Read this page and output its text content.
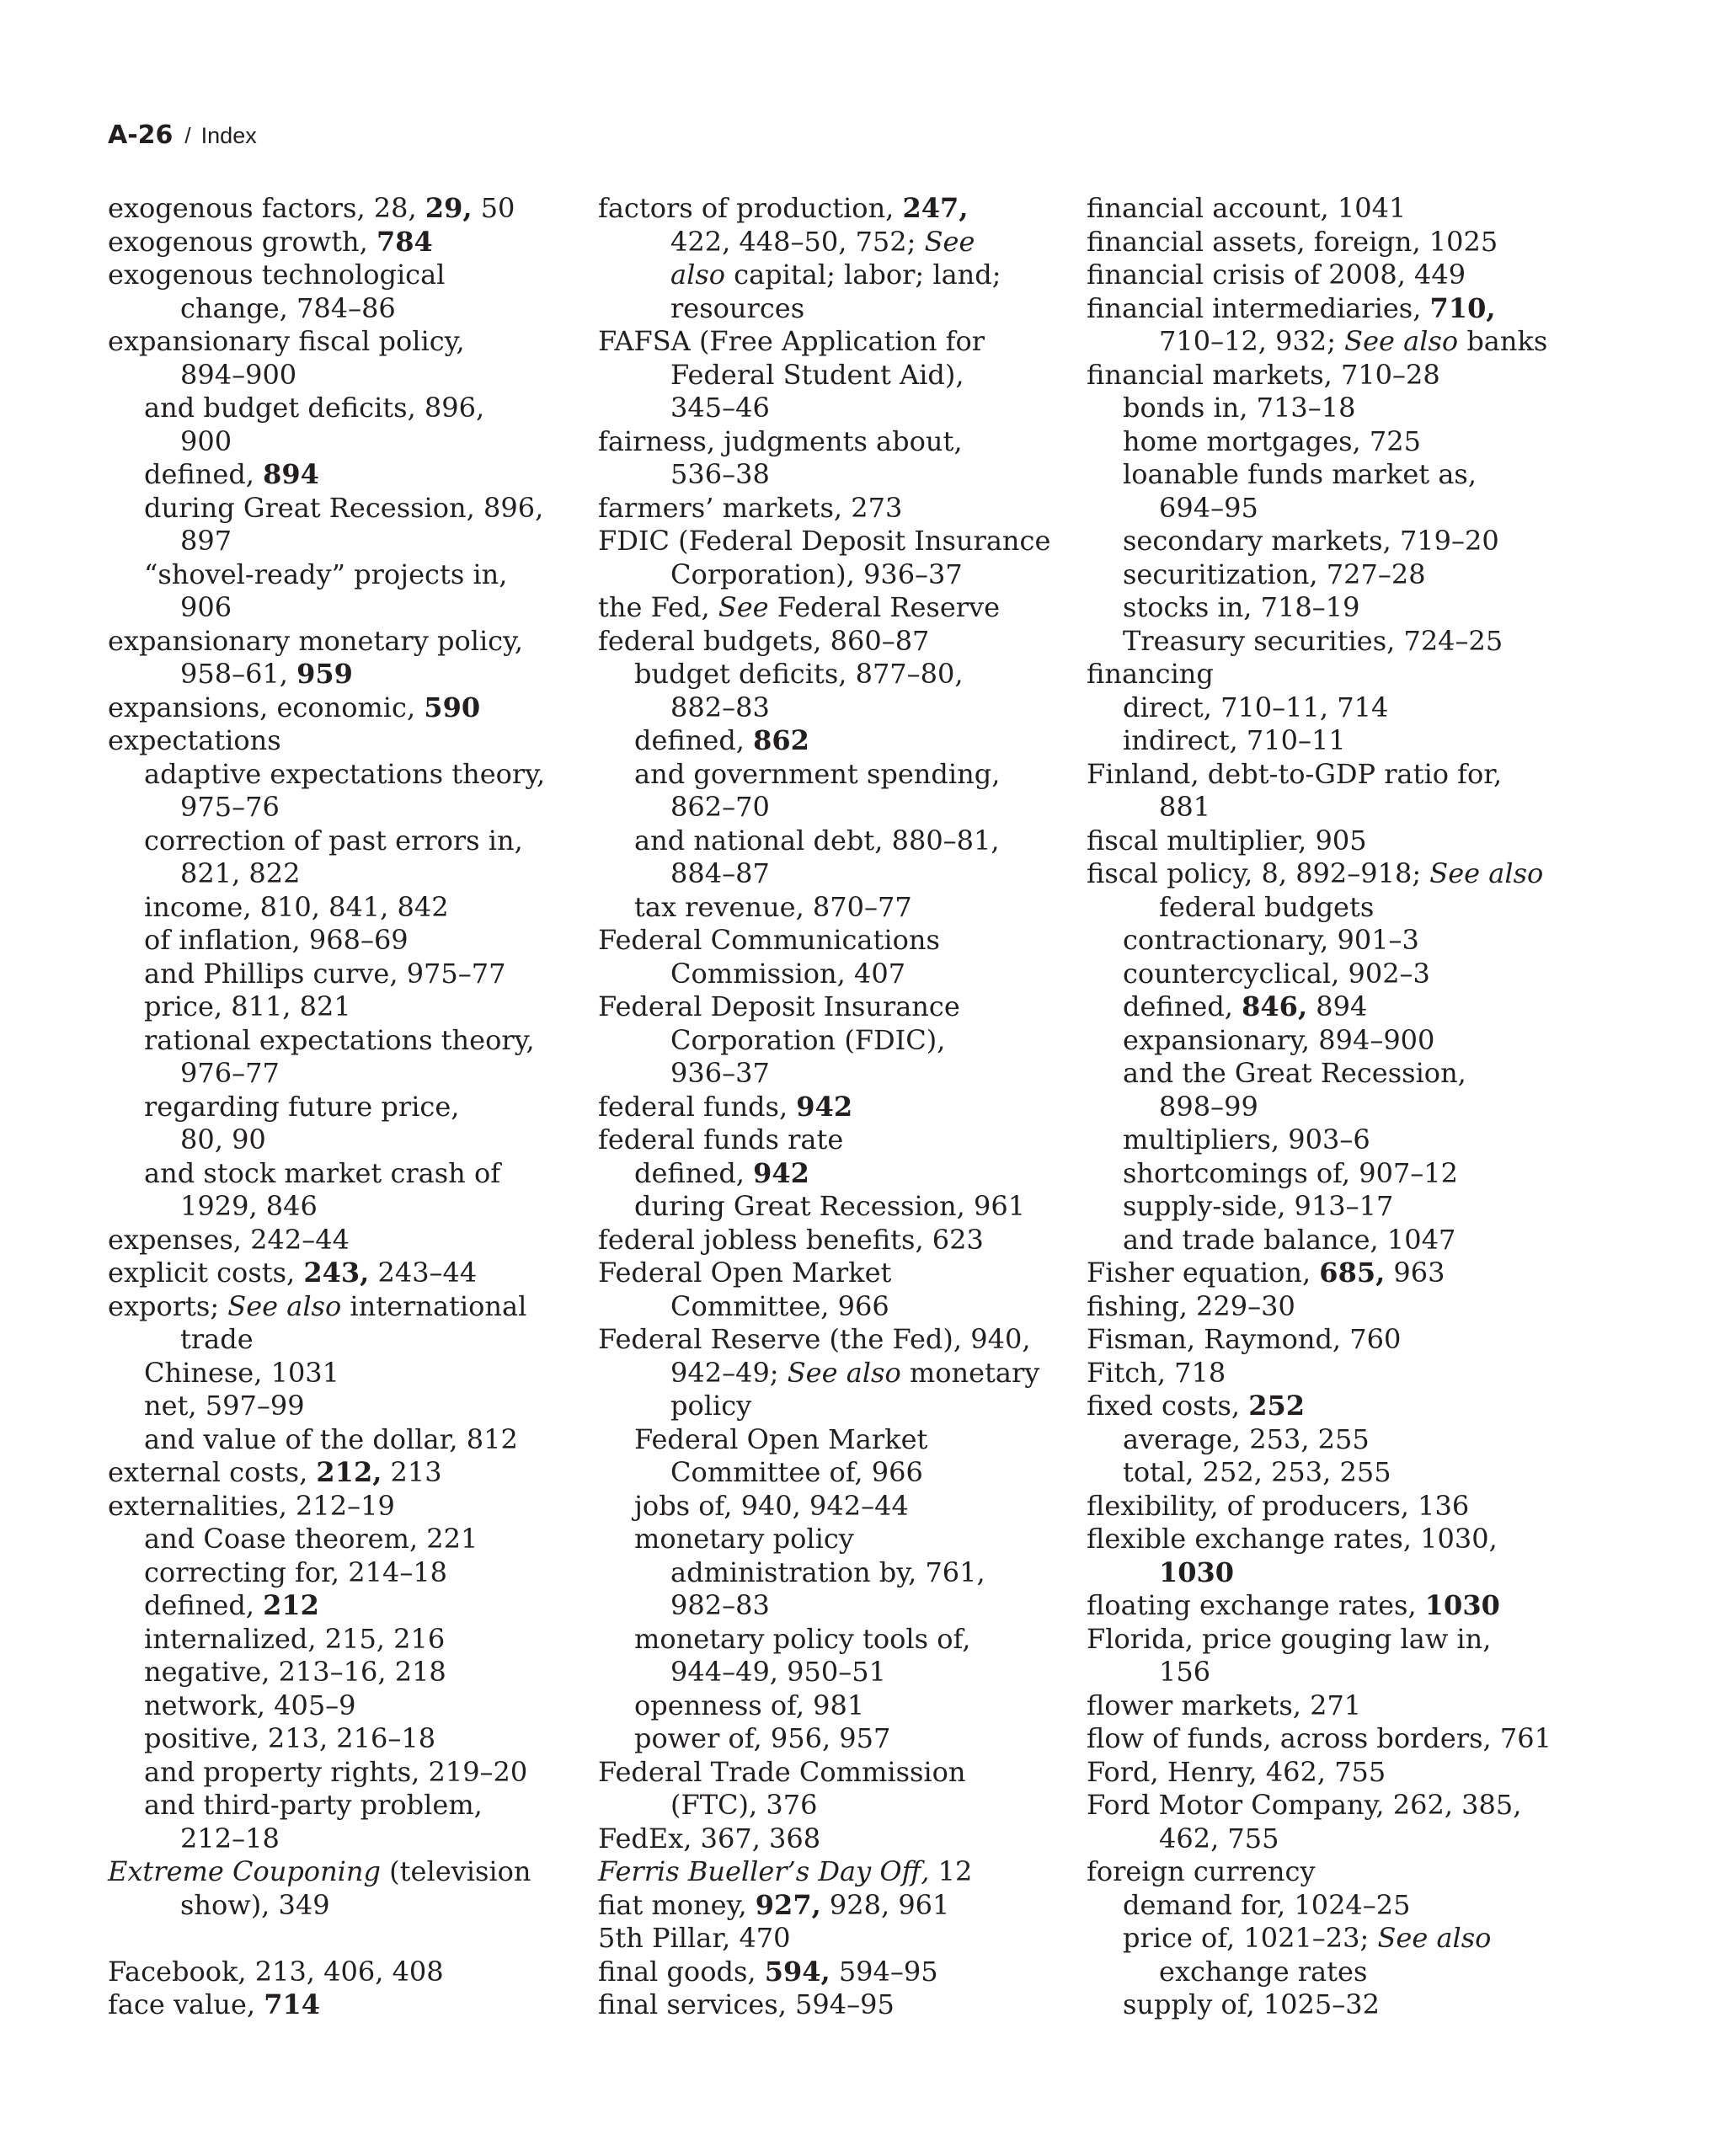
A-26 / Index
exogenous factors, 28, 29, 50
exogenous growth, 784
exogenous technological
change, 784–86
expansionary fiscal policy,
894–900
and budget deficits, 896,
900
defined, 894
during Great Recession, 896,
897
“shovel-ready” projects in,
906
expansionary monetary policy,
958–61, 959
expansions, economic, 590
expectations
adaptive expectations theory,
975–76
correction of past errors in,
821, 822
income, 810, 841, 842
of inflation, 968–69
and Phillips curve, 975–77
price, 811, 821
rational expectations theory,
976–77
regarding future price,
80, 90
and stock market crash of
1929, 846
expenses, 242–44
explicit costs, 243, 243–44
exports; See also international
trade
Chinese, 1031
net, 597–99
and value of the dollar, 812
external costs, 212, 213
externalities, 212–19
and Coase theorem, 221
correcting for, 214–18
defined, 212
internalized, 215, 216
negative, 213–16, 218
network, 405–9
positive, 213, 216–18
and property rights, 219–20
and third-party problem,
212–18
Extreme Couponing (television
show), 349
Facebook, 213, 406, 408
face value, 714
factors of production, 247,
422, 448–50, 752; See
also capital; labor; land;
resources
FAFSA (Free Application for
Federal Student Aid),
345–46
fairness, judgments about,
536–38
farmers’ markets, 273
FDIC (Federal Deposit Insurance
Corporation), 936–37
the Fed, See Federal Reserve
federal budgets, 860–87
budget deficits, 877–80,
882–83
defined, 862
and government spending,
862–70
and national debt, 880–81,
884–87
tax revenue, 870–77
Federal Communications
Commission, 407
Federal Deposit Insurance
Corporation (FDIC),
936–37
federal funds, 942
federal funds rate
defined, 942
during Great Recession, 961
federal jobless benefits, 623
Federal Open Market
Committee, 966
Federal Reserve (the Fed), 940,
942–49; See also monetary
policy
Federal Open Market
Committee of, 966
jobs of, 940, 942–44
monetary policy
administration by, 761,
982–83
monetary policy tools of,
944–49, 950–51
openness of, 981
power of, 956, 957
Federal Trade Commission
(FTC), 376
FedEx, 367, 368
Ferris Bueller’s Day Off, 12
fiat money, 927, 928, 961
5th Pillar, 470
final goods, 594, 594–95
final services, 594–95
financial account, 1041
financial assets, foreign, 1025
financial crisis of 2008, 449
financial intermediaries, 710,
710–12, 932; See also banks
financial markets, 710–28
bonds in, 713–18
home mortgages, 725
loanable funds market as,
694–95
secondary markets, 719–20
securitization, 727–28
stocks in, 718–19
Treasury securities, 724–25
financing
direct, 710–11, 714
indirect, 710–11
Finland, debt-to-GDP ratio for,
881
fiscal multiplier, 905
fiscal policy, 8, 892–918; See also
federal budgets
contractionary, 901–3
countercyclical, 902–3
defined, 846, 894
expansionary, 894–900
and the Great Recession,
898–99
multipliers, 903–6
shortcomings of, 907–12
supply-side, 913–17
and trade balance, 1047
Fisher equation, 685, 963
fishing, 229–30
Fisman, Raymond, 760
Fitch, 718
fixed costs, 252
average, 253, 255
total, 252, 253, 255
flexibility, of producers, 136
flexible exchange rates, 1030,
1030
floating exchange rates, 1030
Florida, price gouging law in,
156
flower markets, 271
flow of funds, across borders, 761
Ford, Henry, 462, 755
Ford Motor Company, 262, 385,
462, 755
foreign currency
demand for, 1024–25
price of, 1021–23; See also
exchange rates
supply of, 1025–32
